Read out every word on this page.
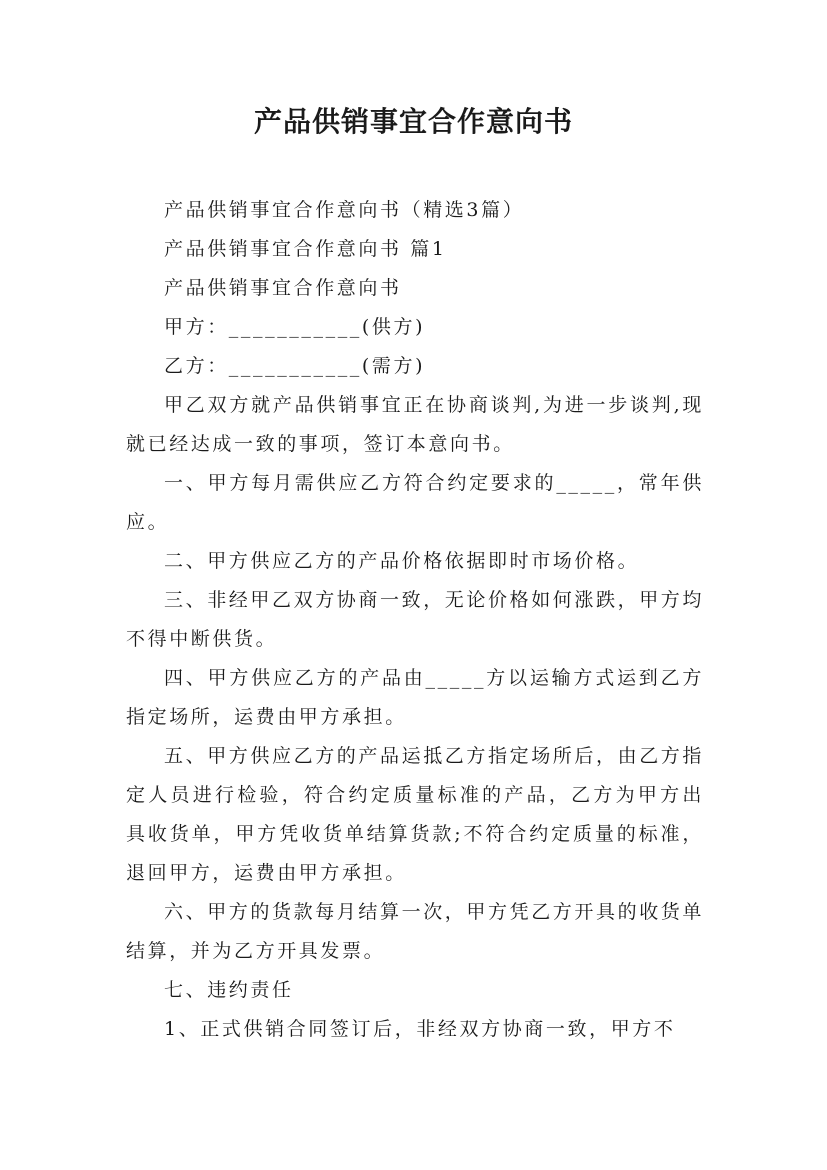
产品供销事宜合作意向书

产品供销事宜合作意向书（精选3篇）

产品供销事宜合作意向书 篇1

产品供销事宜合作意向书

甲方：___________(供方)

乙方：___________(需方)

甲乙双方就产品供销事宜正在协商谈判,为进一步谈判,现就已经达成一致的事项，签订本意向书。

一、甲方每月需供应乙方符合约定要求的_____，常年供应。

二、甲方供应乙方的产品价格依据即时市场价格。

三、非经甲乙双方协商一致，无论价格如何涨跌，甲方均不得中断供货。

四、甲方供应乙方的产品由_____方以运输方式运到乙方指定场所，运费由甲方承担。

五、甲方供应乙方的产品运抵乙方指定场所后，由乙方指定人员进行检验，符合约定质量标准的产品，乙方为甲方出具收货单，甲方凭收货单结算货款;不符合约定质量的标准，退回甲方，运费由甲方承担。

六、甲方的货款每月结算一次，甲方凭乙方开具的收货单结算，并为乙方开具发票。

七、违约责任

1、正式供销合同签订后，非经双方协商一致，甲方不
